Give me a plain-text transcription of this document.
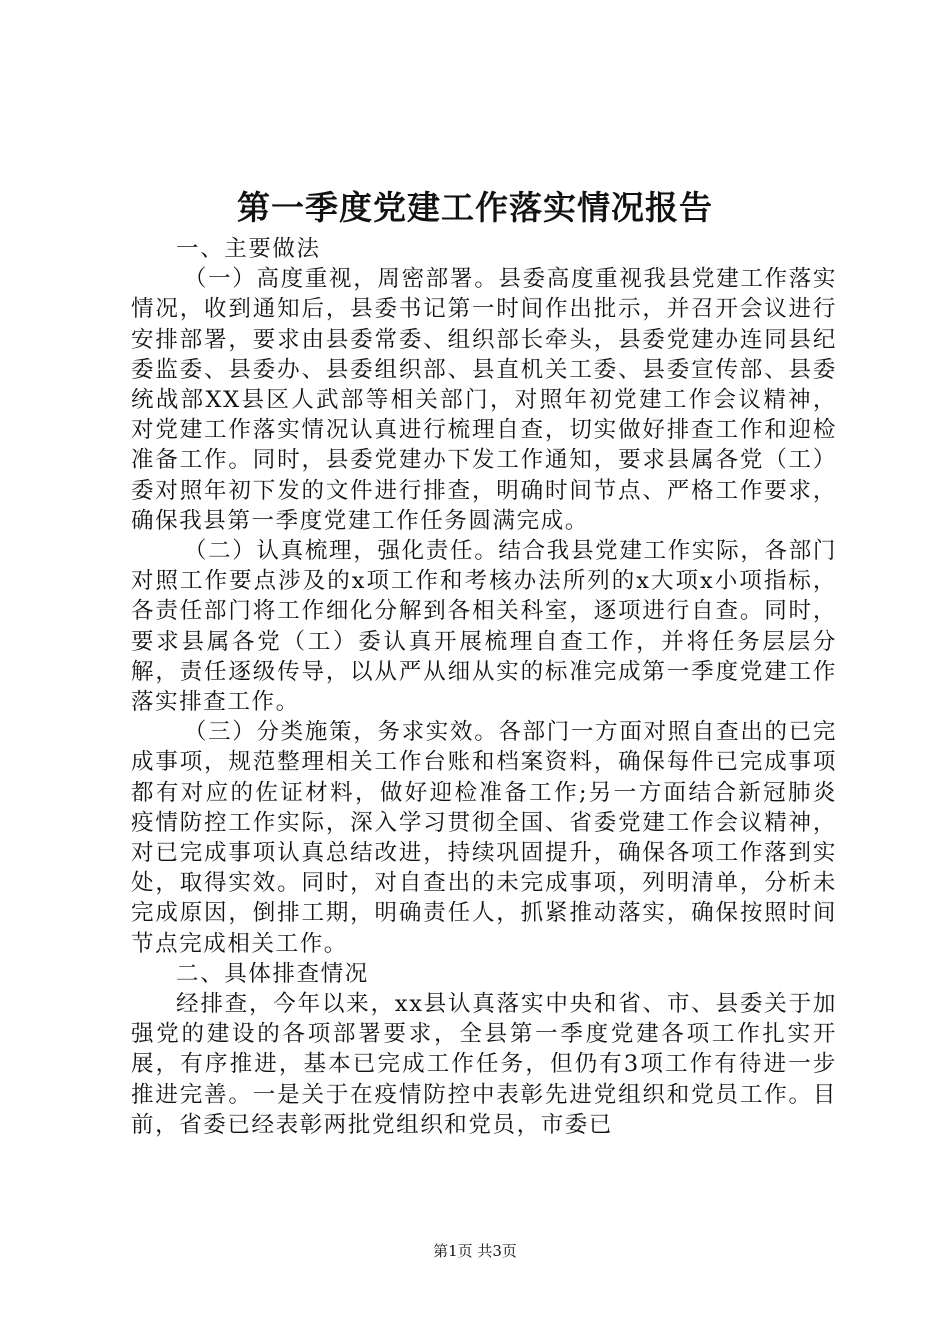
第一季度党建工作落实情况报告

一、主要做法

（一）高度重视，周密部署。县委高度重视我县党建工作落实情况，收到通知后，县委书记第一时间作出批示，并召开会议进行安排部署，要求由县委常委、组织部长牵头，县委党建办连同县纪委监委、县委办、县委组织部、县直机关工委、县委宣传部、县委统战部XX县区人武部等相关部门，对照年初党建工作会议精神，对党建工作落实情况认真进行梳理自查，切实做好排查工作和迎检准备工作。同时，县委党建办下发工作通知，要求县属各党（工）委对照年初下发的文件进行排查，明确时间节点、严格工作要求，确保我县第一季度党建工作任务圆满完成。

（二）认真梳理，强化责任。结合我县党建工作实际，各部门对照工作要点涉及的x项工作和考核办法所列的x大项x小项指标，各责任部门将工作细化分解到各相关科室，逐项进行自查。同时，要求县属各党（工）委认真开展梳理自查工作，并将任务层层分解，责任逐级传导，以从严从细从实的标准完成第一季度党建工作落实排查工作。

（三）分类施策，务求实效。各部门一方面对照自查出的已完成事项，规范整理相关工作台账和档案资料，确保每件已完成事项都有对应的佐证材料，做好迎检准备工作;另一方面结合新冠肺炎疫情防控工作实际，深入学习贯彻全国、省委党建工作会议精神，对已完成事项认真总结改进，持续巩固提升，确保各项工作落到实处，取得实效。同时，对自查出的未完成事项，列明清单，分析未完成原因，倒排工期，明确责任人，抓紧推动落实，确保按照时间节点完成相关工作。

二、具体排查情况

经排查，今年以来，xx县认真落实中央和省、市、县委关于加强党的建设的各项部署要求，全县第一季度党建各项工作扎实开展，有序推进，基本已完成工作任务，但仍有3项工作有待进一步推进完善。一是关于在疫情防控中表彰先进党组织和党员工作。目前，省委已经表彰两批党组织和党员，市委已

第1页 共3页
